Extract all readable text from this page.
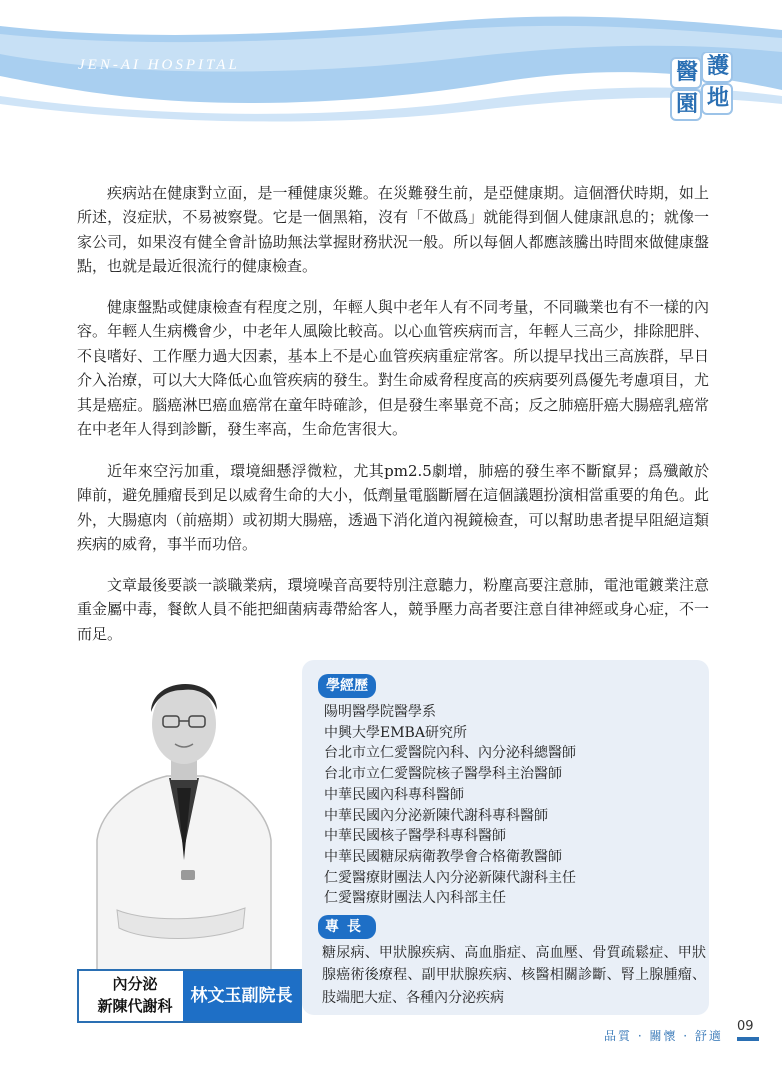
JEN-AI HOSPITAL	醫 護
園 地

疾病站在健康對立面，是一種健康災難。在災難發生前，是亞健康期。這個潛伏時期，如上所述，沒症狀，不易被察覺。它是一個黑箱，沒有「不做爲」就能得到個人健康訊息的；就像一家公司，如果沒有健全會計協助無法掌握財務狀況一般。所以每個人都應該騰出時間來做健康盤點，也就是最近很流行的健康檢查。

健康盤點或健康檢查有程度之別，年輕人與中老年人有不同考量，不同職業也有不一樣的內容。年輕人生病機會少，中老年人風險比較高。以心血管疾病而言，年輕人三高少，排除肥胖、不良嗜好、工作壓力過大因素，基本上不是心血管疾病重症常客。所以提早找出三高族群，早日介入治療，可以大大降低心血管疾病的發生。對生命威脅程度高的疾病要列爲優先考慮項目，尤其是癌症。腦癌淋巴癌血癌常在童年時確診，但是發生率畢竟不高；反之肺癌肝癌大腸癌乳癌常在中老年人得到診斷，發生率高，生命危害很大。

近年來空污加重，環境細懸浮微粒，尤其pm2.5劇增，肺癌的發生率不斷竄昇；爲殲敵於陣前，避免腫瘤長到足以威脅生命的大小，低劑量電腦斷層在這個議題扮演相當重要的角色。此外，大腸瘜肉（前癌期）或初期大腸癌，透過下消化道內視鏡檢查，可以幫助患者提早阻絕這類疾病的威脅，事半而功倍。

文章最後要談一談職業病，環境噪音高要特別注意聽力，粉塵高要注意肺，電池電鍍業注意重金屬中毒，餐飲人員不能把細菌病毒帶給客人，競爭壓力高者要注意自律神經或身心症，不一而足。

學經歷
陽明醫學院醫學系
中興大學EMBA研究所
台北市立仁愛醫院內科、內分泌科總醫師
台北市立仁愛醫院核子醫學科主治醫師
中華民國內科專科醫師
中華民國內分泌新陳代謝科專科醫師
中華民國核子醫學科專科醫師
中華民國糖尿病衛教學會合格衛教醫師
仁愛醫療財團法人內分泌新陳代謝科主任
仁愛醫療財團法人內科部主任
專長
糖尿病、甲狀腺疾病、高血脂症、高血壓、骨質疏鬆症、甲狀腺癌術後療程、副甲狀腺疾病、核醫相關診斷、腎上腺腫瘤、肢端肥大症、各種內分泌疾病
內分泌
新陳代謝科	林文玉副院長
品質 · 關懷 · 舒適
09
